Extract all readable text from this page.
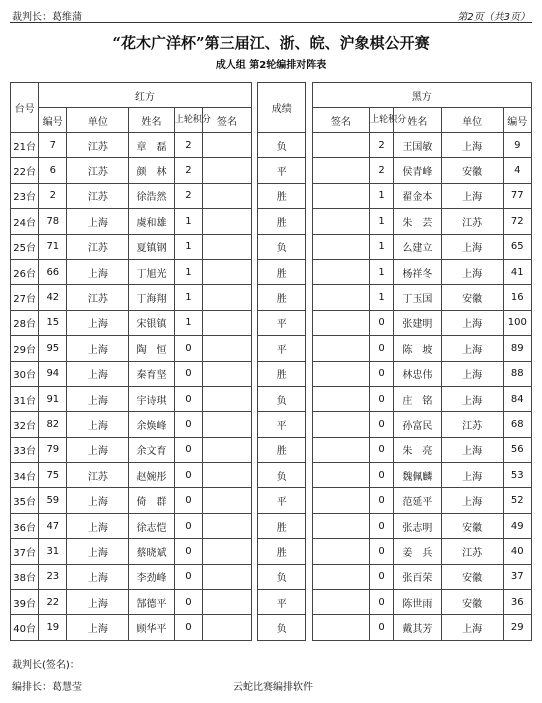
裁判长：葛维蒲	第2页（共3页）
“花木广洋杯”第三届江、浙、皖、沪象棋公开赛
成人组 第2轮编排对阵表
台号	红方						成绩		黑方				
	编号	单位	姓名	上轮积分	签名				签名	上轮积分	姓名	单位	编号
21台	7	江苏	章　磊	2			负			2	王国敏	上海	9
22台	6	江苏	颜　林	2			平			2	侯青峰	安徽	4
23台	2	江苏	徐浩然	2			胜			1	翟金本	上海	77
24台	78	上海	虞和雄	1			胜			1	朱　芸	江苏	72
25台	71	江苏	夏镇钢	1			负			1	么建立	上海	65
26台	66	上海	丁旭光	1			胜			1	杨祥冬	上海	41
27台	42	江苏	丁海翔	1			胜			1	丁玉国	安徽	16
28台	15	上海	宋银镇	1			平			0	张建明	上海	100
29台	95	上海	陶　恒	0			平			0	陈　坡	上海	89
30台	94	上海	秦育坚	0			胜			0	林忠伟	上海	88
31台	91	上海	宇诗琪	0			负			0	庄　铭	上海	84
32台	82	上海	余焕峰	0			平			0	孙富民	江苏	68
33台	79	上海	余文育	0			胜			0	朱　亮	上海	56
34台	75	江苏	赵婉彤	0			负			0	魏佩麟	上海	53
35台	59	上海	倚　群	0			平			0	范延平	上海	52
36台	47	上海	徐志恺	0			胜			0	张志明	安徽	49
37台	31	上海	蔡晓斌	0			胜			0	姜　兵	江苏	40
38台	23	上海	李劲峰	0			负			0	张百荣	安徽	37
39台	22	上海	郜德平	0			平			0	陈世雨	安徽	36
40台	19	上海	顾华平	0			负			0	戴其芳	上海	29
裁判长(签名)：
编排长：葛慧莹	云蛇比赛编排软件
